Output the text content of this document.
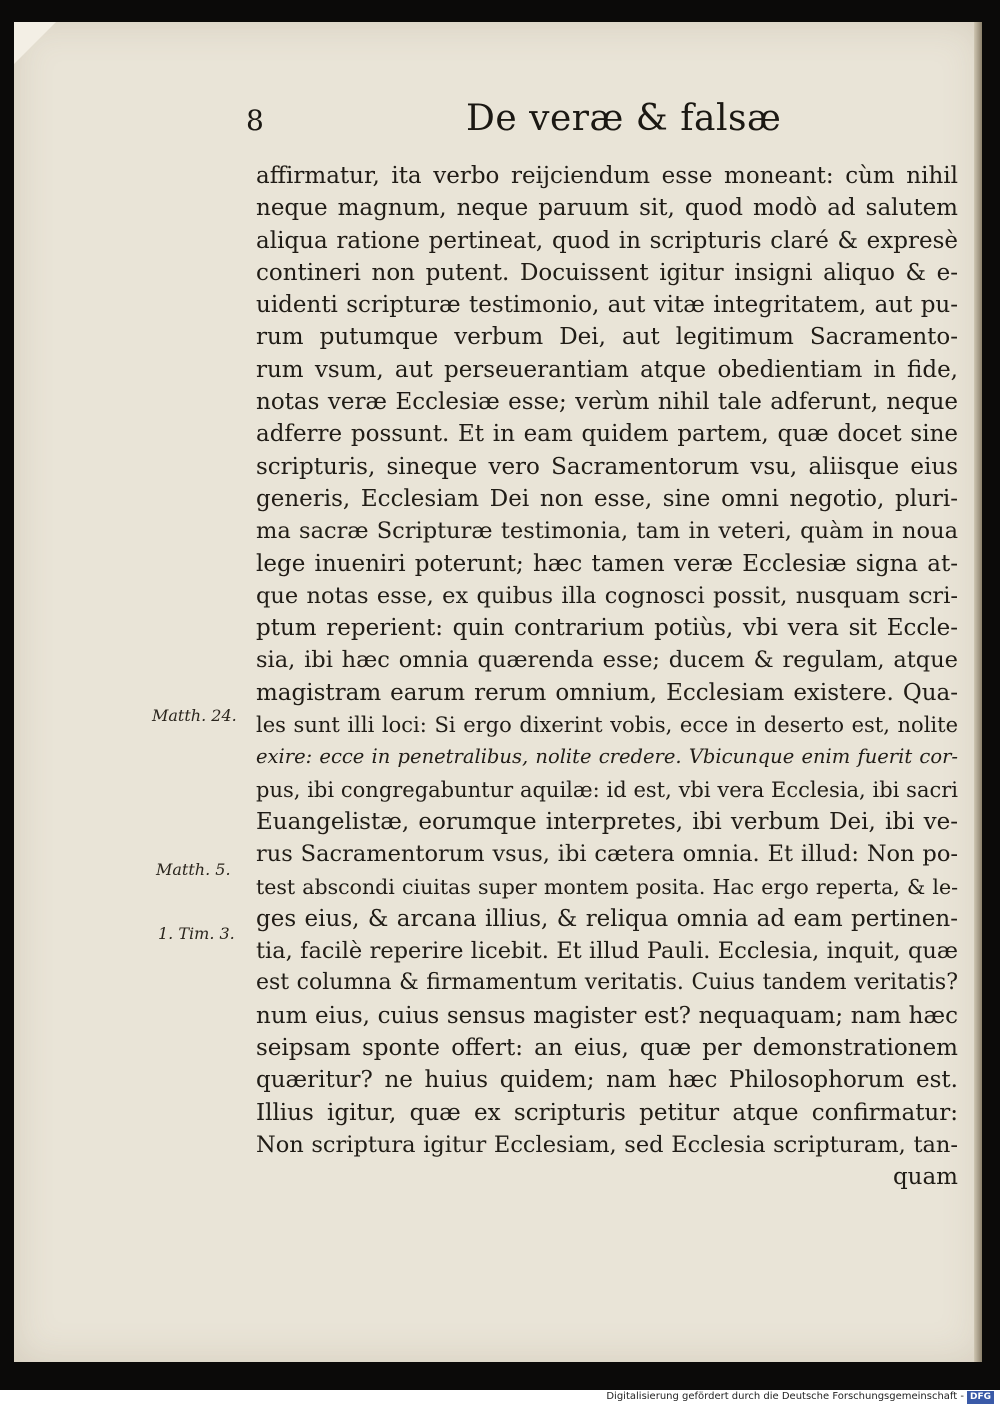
8	De veræ & falsæ
affirmatur, ita verbo reijciendum esse moneant: cùm nihil
neque magnum, neque paruum sit, quod modò ad salutem
aliqua ratione pertineat, quod in scripturis claré & expresè
contineri non putent. Docuissent igitur insigni aliquo & e-
uidenti scripturæ testimonio, aut vitæ integritatem, aut pu-
rum putumque verbum Dei, aut legitimum Sacramento-
rum vsum, aut perseuerantiam atque obedientiam in fide,
notas veræ Ecclesiæ esse; verùm nihil tale adferunt, neque
adferre possunt. Et in eam quidem partem, quæ docet sine
scripturis, sineque vero Sacramentorum vsu, aliisque eius
generis, Ecclesiam Dei non esse, sine omni negotio, pluri-
ma sacræ Scripturæ testimonia, tam in veteri, quàm in noua
lege inueniri poterunt; hæc tamen veræ Ecclesiæ signa at-
que notas esse, ex quibus illa cognosci possit, nusquam scri-
ptum reperient: quin contrarium potiùs, vbi vera sit Eccle-
sia, ibi hæc omnia quærenda esse; ducem & regulam, atque
magistram earum rerum omnium, Ecclesiam existere. Qua-
les sunt illi loci: Si ergo dixerint vobis, ecce in deserto est, nolite
exire: ecce in penetralibus, nolite credere. Vbicunque enim fuerit cor-
pus, ibi congregabuntur aquilæ: id est, vbi vera Ecclesia, ibi sacri
Euangelistæ, eorumque interpretes, ibi verbum Dei, ibi ve-
rus Sacramentorum vsus, ibi cætera omnia. Et illud: Non po-
test abscondi ciuitas super montem posita. Hac ergo reperta, & le-
ges eius, & arcana illius, & reliqua omnia ad eam pertinen-
tia, facilè reperire licebit. Et illud Pauli. Ecclesia, inquit, quæ
est columna & firmamentum veritatis. Cuius tandem veritatis?
num eius, cuius sensus magister est? nequaquam; nam hæc
seipsam sponte offert: an eius, quæ per demonstrationem
quæritur? ne huius quidem; nam hæc Philosophorum est.
Illius igitur, quæ ex scripturis petitur atque confirmatur:
Non scriptura igitur Ecclesiam, sed Ecclesia scripturam, tan-
quam
Matth. 24.
Matth. 5.
1. Tim. 3.
Digitalisierung gefördert durch die Deutsche Forschungsgemeinschaft - DFG
